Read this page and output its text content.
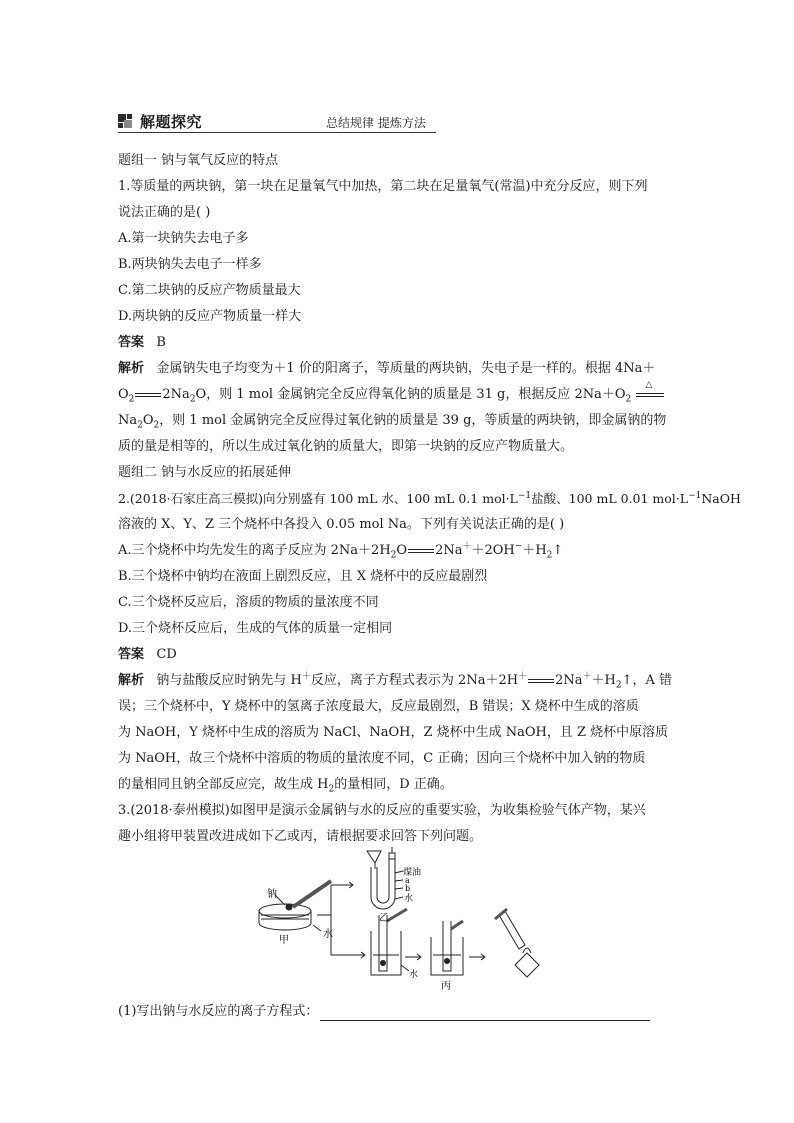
解题探究	总结规律 提炼方法
题组一 钠与氧气反应的特点
1.等质量的两块钠，第一块在足量氧气中加热，第二块在足量氧气(常温)中充分反应，则下列
说法正确的是( )
A.第一块钠失去电子多
B.两块钠失去电子一样多
C.第二块钠的反应产物质量最大
D.两块钠的反应产物质量一样大
答案 B
解析 金属钠失电子均变为＋1 价的阳离子，等质量的两块钠，失电子是一样的。根据 4Na＋
$O_2$ $2Na_2O$，则 1 mol 金属钠完全反应得氧化钠的质量是 31 g，根据反应 $2Na+O_2$
△
$Na_2O_2$，则 1 mol 金属钠完全反应得过氧化钠的质量是 39 g，等质量的两块钠，即金属钠的物
质的量是相等的，所以生成过氧化钠的质量大，即第一块钠的反应产物质量大。
题组二 钠与水反应的拓展延伸
2.(2018·石家庄高三模拟)向分别盛有 100 mL 水、100 mL 0.1 $mol\cdot L^{-1}$盐酸、100 mL 0.01 $mol\cdot L^{-1}NaOH$
溶液的 X、Y、Z 三个烧杯中各投入 0.05 mol Na。下列有关说法正确的是( )
A.三个烧杯中均先发生的离子反应为 $2Na+2H_2O$ $2Na^++2OH^-+H_2↑$
B.三个烧杯中钠均在液面上剧烈反应，且 X 烧杯中的反应最剧烈
C.三个烧杯反应后，溶质的物质的量浓度不同
D.三个烧杯反应后，生成的气体的质量一定相同
答案 CD
解析 钠与盐酸反应时钠先与 H＋反应，离子方程式表示为 2Na＋2H＋ $2Na^++H_2↑$，A 错
误；三个烧杯中，Y 烧杯中的氢离子浓度最大，反应最剧烈，B 错误；X 烧杯中生成的溶质
为 NaOH，Y 烧杯中生成的溶质为 NaCl、NaOH，Z 烧杯中生成 NaOH，且 Z 烧杯中原溶质
为 NaOH，故三个烧杯中溶质的物质的量浓度不同，C 正确；因向三个烧杯中加入钠的物质
的量相同且钠全部反应完，故生成 $H_2$的量相同，D 正确。
3.(2018·泰州模拟)如图甲是演示金属钠与水的反应的重要实验，为收集检验气体产物，某兴
趣小组将甲装置改进成如下乙或丙，请根据要求回答下列问题。
钠
水
甲
煤油
a
b
水
乙
水
丙
(1)写出钠与水反应的离子方程式：
